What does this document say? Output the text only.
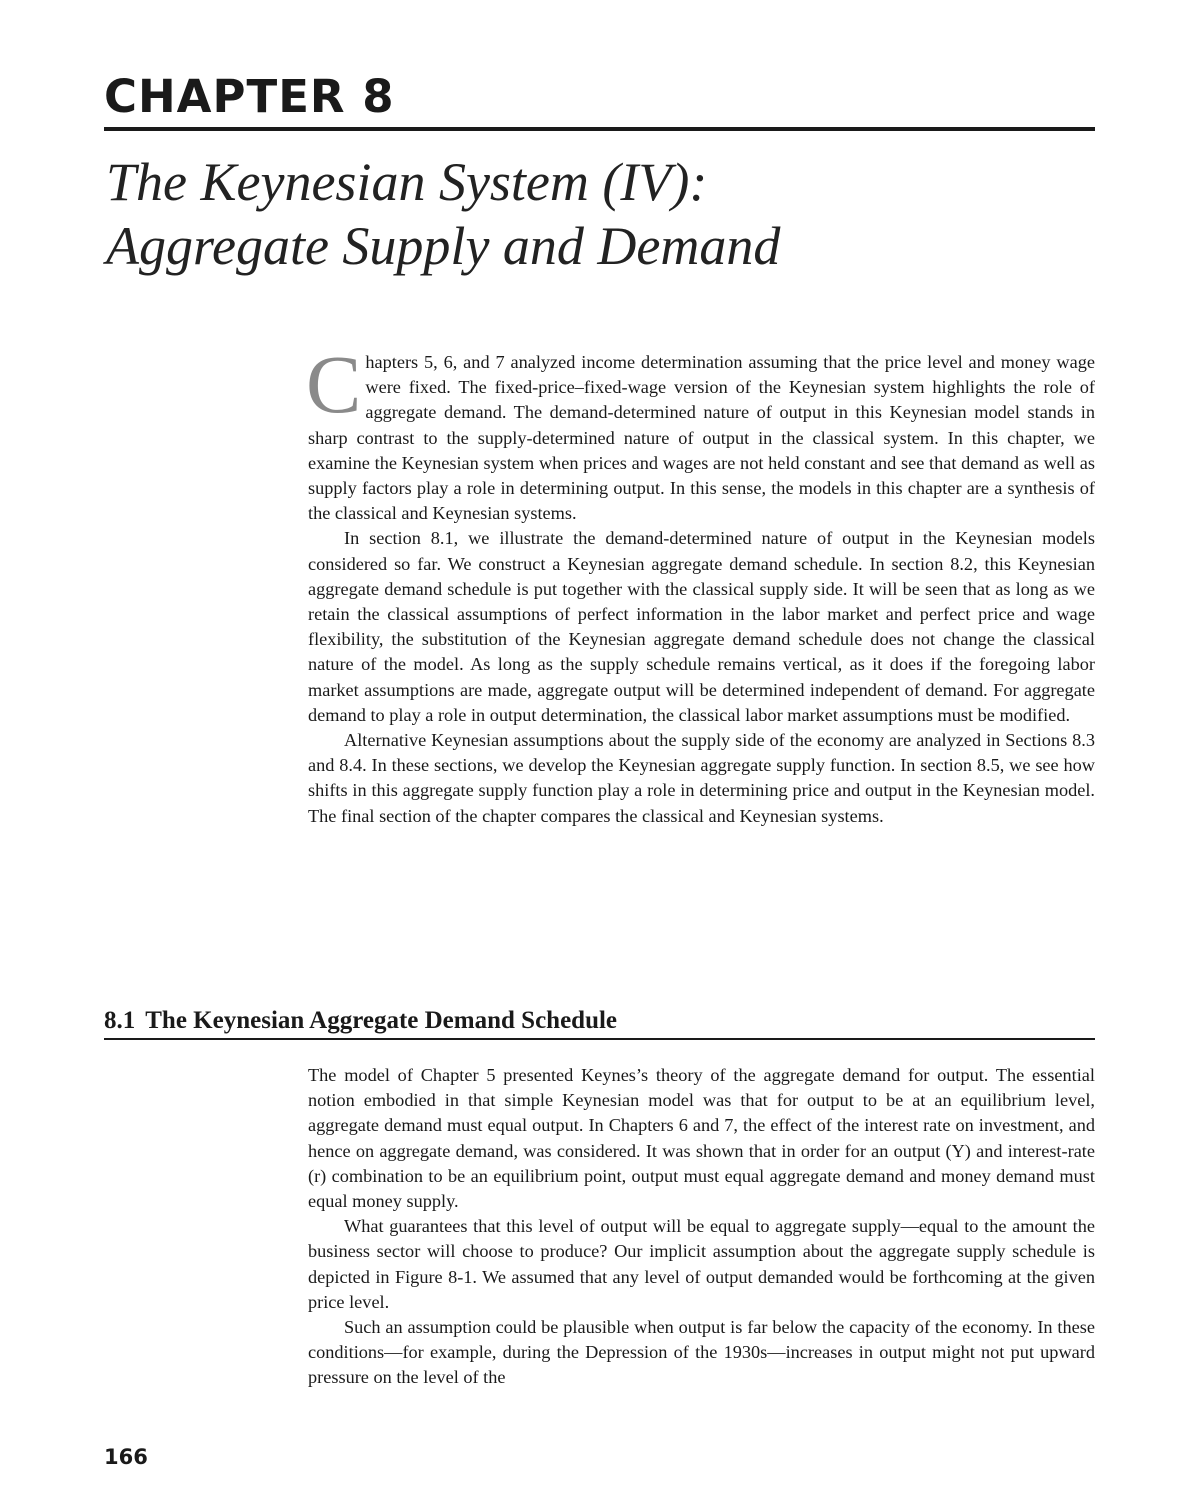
CHAPTER 8
The Keynesian System (IV):
Aggregate Supply and Demand

Chapters 5, 6, and 7 analyzed income determination assuming that the price level and money wage were fixed. The fixed-price–fixed-wage version of the Keynesian system highlights the role of aggregate demand. The demand-determined nature of output in this Keynesian model stands in sharp contrast to the supply-determined nature of output in the classical system. In this chapter, we examine the Keynesian system when prices and wages are not held constant and see that demand as well as supply factors play a role in determining output. In this sense, the models in this chapter are a synthesis of the classical and Keynesian systems.

In section 8.1, we illustrate the demand-determined nature of output in the Keynesian models considered so far. We construct a Keynesian aggregate demand schedule. In section 8.2, this Keynesian aggregate demand schedule is put together with the classical supply side. It will be seen that as long as we retain the classical assumptions of perfect information in the labor market and perfect price and wage flexibility, the substitution of the Keynesian aggregate demand schedule does not change the classical nature of the model. As long as the supply schedule remains vertical, as it does if the foregoing labor market assumptions are made, aggregate output will be determined independent of demand. For aggregate demand to play a role in output determination, the classical labor market assumptions must be modified.

Alternative Keynesian assumptions about the supply side of the economy are analyzed in Sections 8.3 and 8.4. In these sections, we develop the Keynesian aggregate supply function. In section 8.5, we see how shifts in this aggregate supply function play a role in determining price and output in the Keynesian model. The final section of the chapter compares the classical and Keynesian systems.

8.1 The Keynesian Aggregate Demand Schedule

The model of Chapter 5 presented Keynes’s theory of the aggregate demand for output. The essential notion embodied in that simple Keynesian model was that for output to be at an equilibrium level, aggregate demand must equal output. In Chapters 6 and 7, the effect of the interest rate on investment, and hence on aggregate demand, was considered. It was shown that in order for an output (Y) and interest-rate (r) combination to be an equilibrium point, output must equal aggregate demand and money demand must equal money supply.

What guarantees that this level of output will be equal to aggregate supply—equal to the amount the business sector will choose to produce? Our implicit assumption about the aggregate supply schedule is depicted in Figure 8-1. We assumed that any level of output demanded would be forthcoming at the given price level.

Such an assumption could be plausible when output is far below the capacity of the economy. In these conditions—for example, during the Depression of the 1930s—increases in output might not put upward pressure on the level of the

166
